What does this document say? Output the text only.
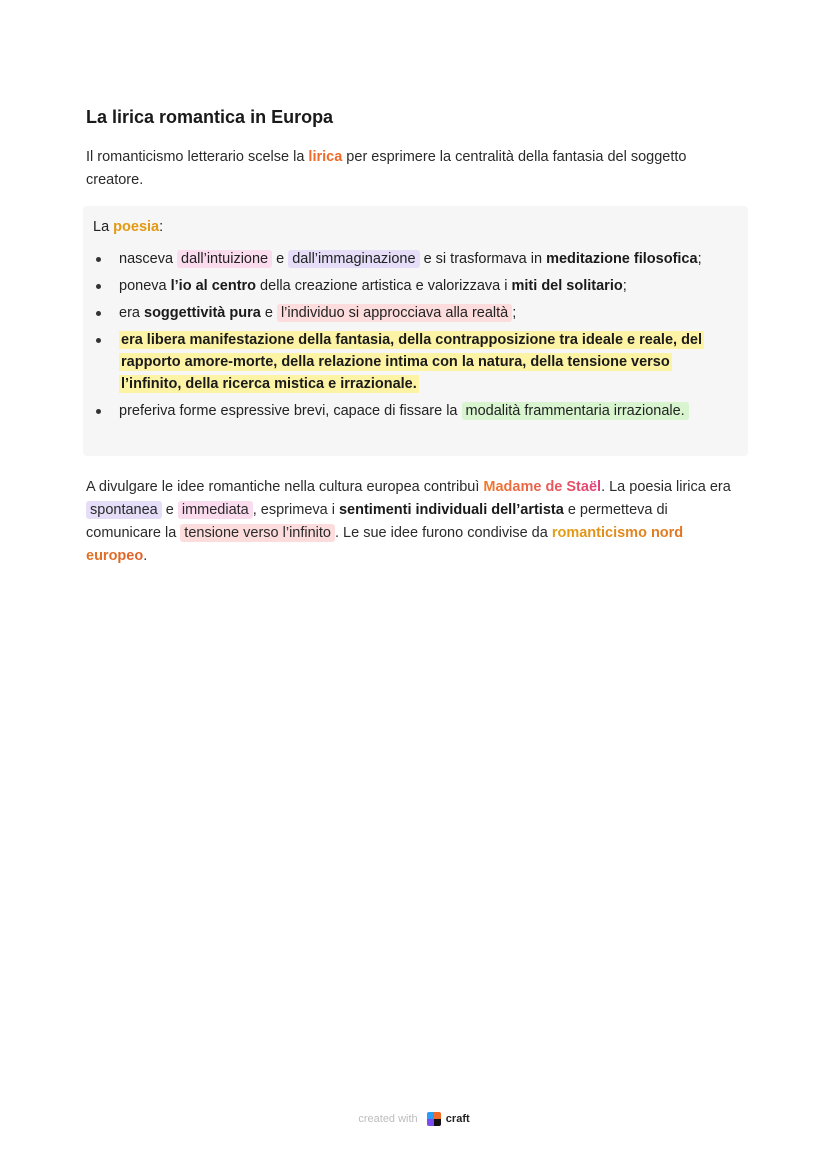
La lirica romantica in Europa
Il romanticismo letterario scelse la lirica per esprimere la centralità della fantasia del soggetto creatore.
La poesia:
nasceva dall’intuizione e dall’immaginazione e si trasformava in meditazione filosofica;
poneva l’io al centro della creazione artistica e valorizzava i miti del solitario;
era soggettività pura e l’individuo si approcciava alla realtà ;
era libera manifestazione della fantasia, della contrapposizione tra ideale e reale, del rapporto amore-morte, della relazione intima con la natura, della tensione verso l’infinito, della ricerca mistica e irrazionale.
preferiva forme espressive brevi, capace di fissare la modalità frammentaria irrazionale.
A divulgare le idee romantiche nella cultura europea contribuì Madame de Staël. La poesia lirica era spontanea e immediata , esprimeva i sentimenti individuali dell’artista e permetteva di comunicare la tensione verso l’infinito . Le sue idee furono condivise da romanticismo nord europeo.
created with	craft
